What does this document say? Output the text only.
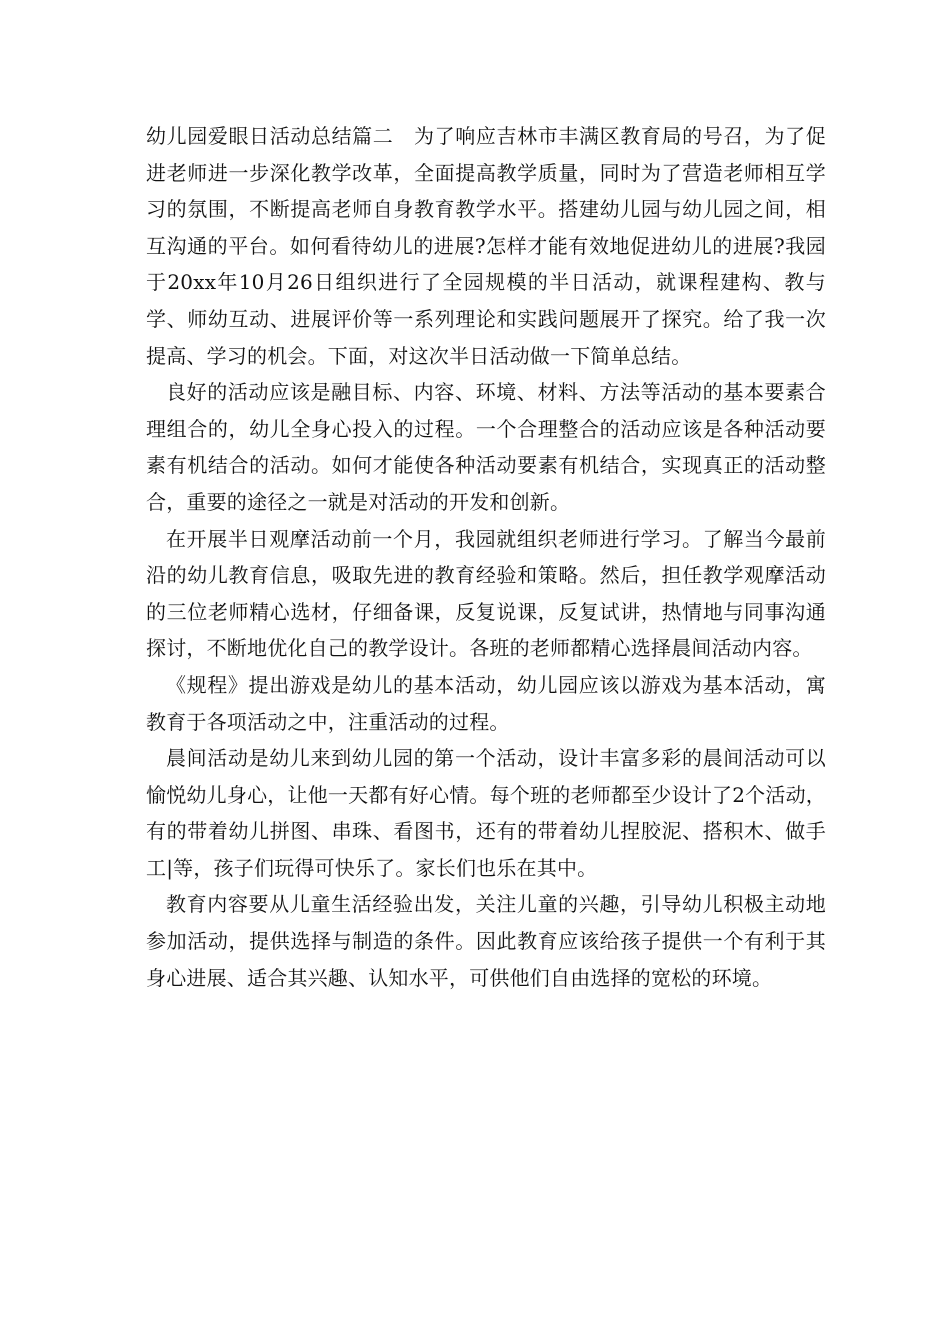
幼儿园爱眼日活动总结篇二　为了响应吉林市丰满区教育局的号召，为了促进老师进一步深化教学改革，全面提高教学质量，同时为了营造老师相互学习的氛围，不断提高老师自身教育教学水平。搭建幼儿园与幼儿园之间，相互沟通的平台。如何看待幼儿的进展?怎样才能有效地促进幼儿的进展?我园于20xx年10月26日组织进行了全园规模的半日活动，就课程建构、教与学、师幼互动、进展评价等一系列理论和实践问题展开了探究。给了我一次提高、学习的机会。下面，对这次半日活动做一下简单总结。

良好的活动应该是融目标、内容、环境、材料、方法等活动的基本要素合理组合的，幼儿全身心投入的过程。一个合理整合的活动应该是各种活动要素有机结合的活动。如何才能使各种活动要素有机结合，实现真正的活动整合，重要的途径之一就是对活动的开发和创新。

在开展半日观摩活动前一个月，我园就组织老师进行学习。了解当今最前沿的幼儿教育信息，吸取先进的教育经验和策略。然后，担任教学观摩活动的三位老师精心选材，仔细备课，反复说课，反复试讲，热情地与同事沟通探讨，不断地优化自己的教学设计。各班的老师都精心选择晨间活动内容。

《规程》提出游戏是幼儿的基本活动，幼儿园应该以游戏为基本活动，寓教育于各项活动之中，注重活动的过程。

晨间活动是幼儿来到幼儿园的第一个活动，设计丰富多彩的晨间活动可以愉悦幼儿身心，让他一天都有好心情。每个班的老师都至少设计了2个活动，有的带着幼儿拼图、串珠、看图书，还有的带着幼儿捏胶泥、搭积木、做手工|等，孩子们玩得可快乐了。家长们也乐在其中。

教育内容要从儿童生活经验出发，关注儿童的兴趣，引导幼儿积极主动地参加活动，提供选择与制造的条件。因此教育应该给孩子提供一个有利于其身心进展、适合其兴趣、认知水平，可供他们自由选择的宽松的环境。
